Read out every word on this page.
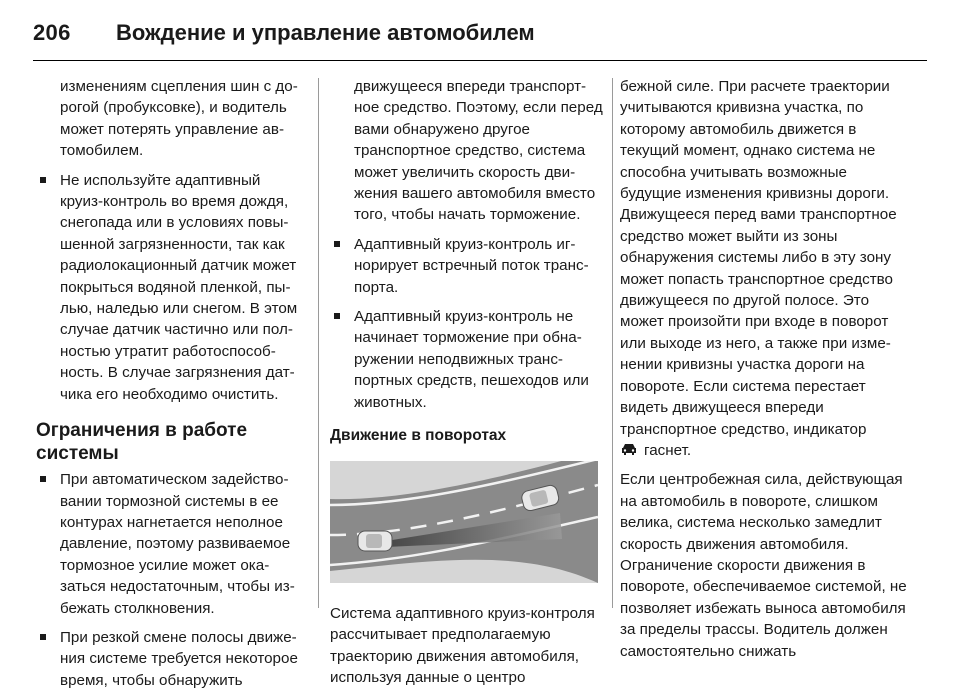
206 Вождение и управление автомобилем

изменениям сцепления шин с дорогой (пробуксовке), и водитель может потерять управление автомобилем.

Не используйте адаптивный круиз-контроль во время дождя, снегопада или в условиях повышенной загрязненности, так как радиолокационный датчик может покрыться водяной пленкой, пылью, наледью или снегом. В этом случае датчик частично или полностью утратит работоспособность. В случае загрязнения датчика его необходимо очистить.
Ограничения в работе системы
При автоматическом задействовании тормозной системы в ее контурах нагнетается неполное давление, поэтому развиваемое тормозное усилие может оказаться недостаточным, чтобы избежать столкновения.
При резкой смене полосы движения системе требуется некоторое время, чтобы обнаружить

движущееся впереди транспортное средство. Поэтому, если перед вами обнаружено другое транспортное средство, система может увеличить скорость движения вашего автомобиля вместо того, чтобы начать торможение.

Адаптивный круиз-контроль игнорирует встречный поток транспорта.
Адаптивный круиз-контроль не начинает торможение при обнаружении неподвижных транспортных средств, пешеходов или животных.
Движение в поворотах

Система адаптивного круиз-контроля рассчитывает предполагаемую траекторию движения автомобиля, используя данные о центро

бежной силе. При расчете траектории учитываются кривизна участка, по которому автомобиль движется в текущий момент, однако система не способна учитывать возможные будущие изменения кривизны дороги. Движущееся перед вами транспортное средство может выйти из зоны обнаружения системы либо в эту зону может попасть транспортное средство движущееся по другой полосе. Это может произойти при входе в поворот или выходе из него, а также при изменении кривизны участка дороги на повороте. Если система перестает видеть движущееся впереди транспортное средство, индикатор
гаснет.

Если центробежная сила, действующая на автомобиль в повороте, слишком велика, система несколько замедлит скорость движения автомобиля. Ограничение скорости движения в повороте, обеспечиваемое системой, не позволяет избежать выноса автомобиля за пределы трассы. Водитель должен самостоятельно снижать
